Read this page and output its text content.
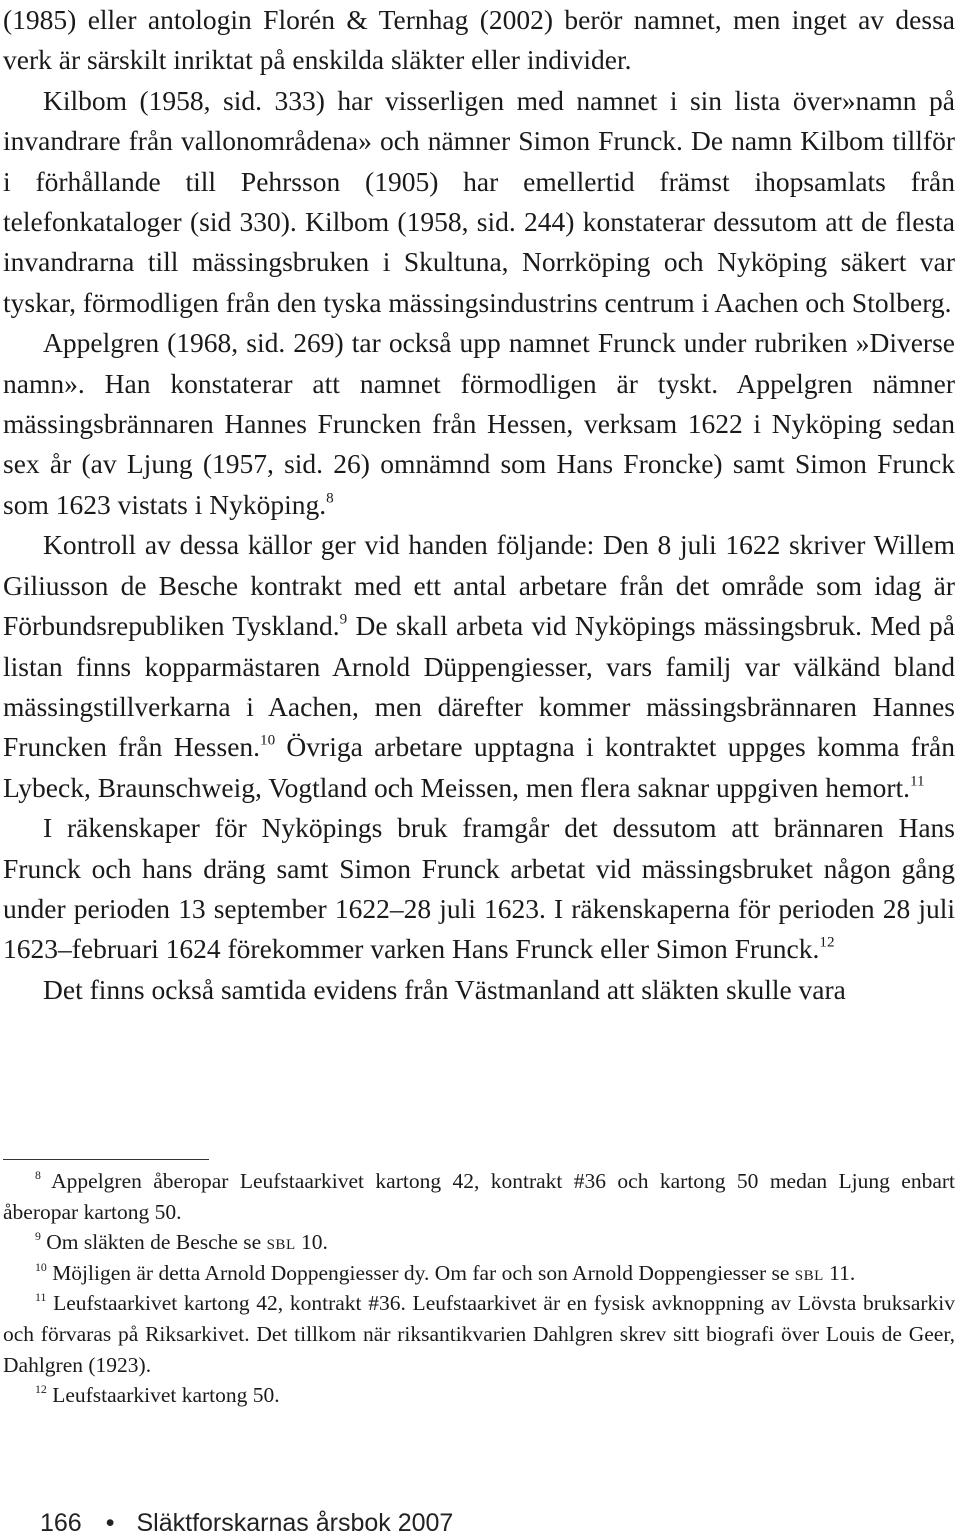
(1985) eller antologin Florén & Ternhag (2002) berör namnet, men inget av dessa verk är särskilt inriktat på enskilda släkter eller individer.

Kilbom (1958, sid. 333) har visserligen med namnet i sin lista över»namn på invandrare från vallonområdena» och nämner Simon Frunck. De namn Kilbom tillför i förhållande till Pehrsson (1905) har emellertid främst ihopsamlats från telefonkataloger (sid 330). Kilbom (1958, sid. 244) konstaterar dessutom att de flesta invandrarna till mässingsbruken i Skultuna, Norrköping och Nyköping säkert var tyskar, förmodligen från den tyska mässingsindustrins centrum i Aachen och Stolberg.

Appelgren (1968, sid. 269) tar också upp namnet Frunck under rubriken »Diverse namn». Han konstaterar att namnet förmodligen är tyskt. Appelgren nämner mässingsbrännaren Hannes Fruncken från Hessen, verksam 1622 i Nyköping sedan sex år (av Ljung (1957, sid. 26) omnämnd som Hans Froncke) samt Simon Frunck som 1623 vistats i Nyköping.$^8$

Kontroll av dessa källor ger vid handen följande: Den 8 juli 1622 skriver Willem Giliusson de Besche kontrakt med ett antal arbetare från det område som idag är Förbundsrepubliken Tyskland.$^9$ De skall arbeta vid Nyköpings mässingsbruk. Med på listan finns kopparmästaren Arnold Düppengiesser, vars familj var välkänd bland mässingstillverkarna i Aachen, men därefter kommer mässingsbrännaren Hannes Fruncken från Hessen.$^{10}$ Övriga arbetare upptagna i kontraktet uppges komma från Lybeck, Braunschweig, Vogtland och Meissen, men flera saknar uppgiven hemort.$^{11}$

I räkenskaper för Nyköpings bruk framgår det dessutom att brännaren Hans Frunck och hans dräng samt Simon Frunck arbetat vid mässingsbruket någon gång under perioden 13 september 1622–28 juli 1623. I räkenskaperna för perioden 28 juli 1623–februari 1624 förekommer varken Hans Frunck eller Simon Frunck.$^{12}$

Det finns också samtida evidens från Västmanland att släkten skulle vara

$^8$ Appelgren åberopar Leufstaarkivet kartong 42, kontrakt #36 och kartong 50 medan Ljung enbart åberopar kartong 50.

$^9$ Om släkten de Besche se sbl 10.

$^{10}$ Möjligen är detta Arnold Doppengiesser dy. Om far och son Arnold Doppengiesser se sbl 11.

$^{11}$ Leufstaarkivet kartong 42, kontrakt #36. Leufstaarkivet är en fysisk avknoppning av Lövsta bruksarkiv och förvaras på Riksarkivet. Det tillkom när riksantikvarien Dahlgren skrev sitt biografi över Louis de Geer, Dahlgren (1923).

$^{12}$ Leufstaarkivet kartong 50.

166 • Släktforskarnas årsbok 2007
